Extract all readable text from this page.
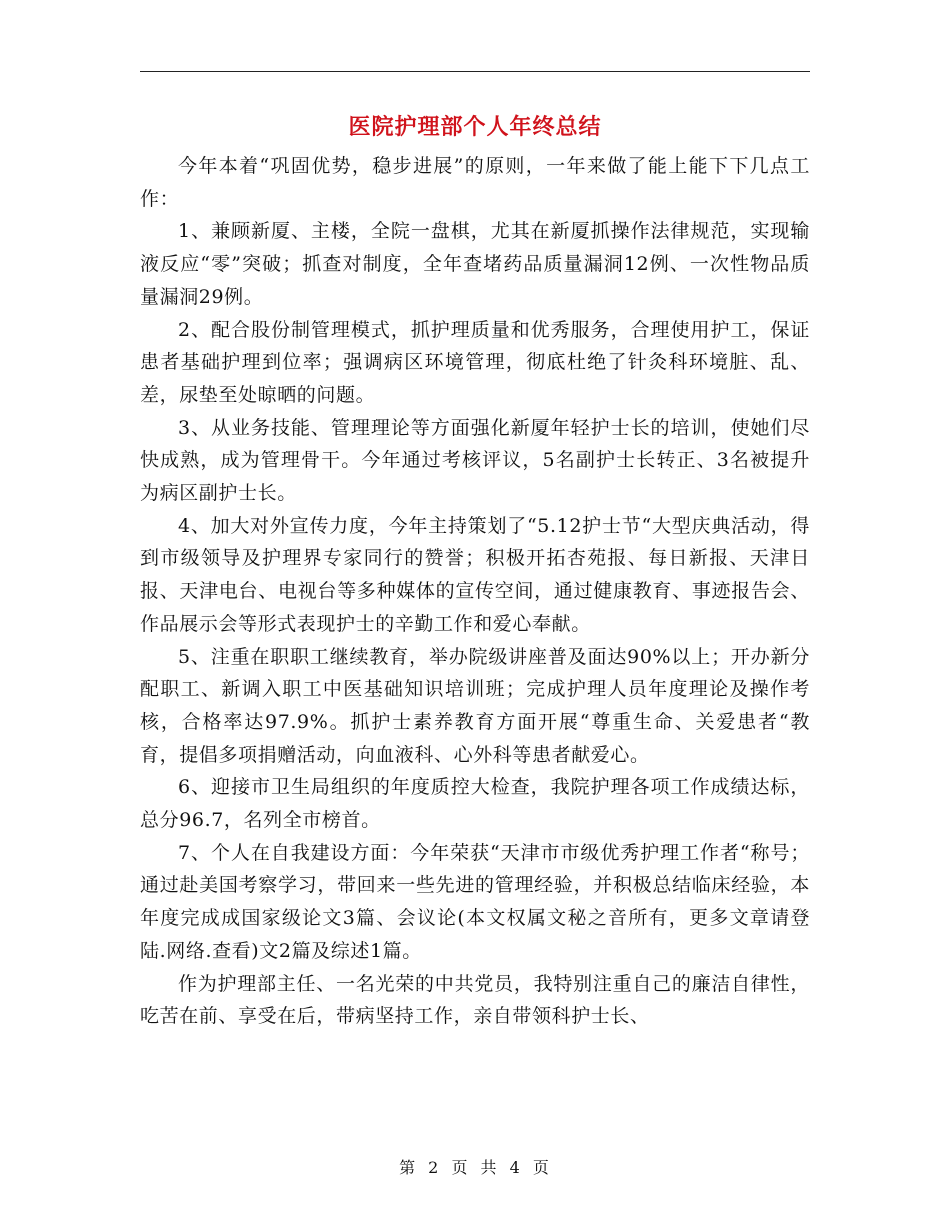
医院护理部个人年终总结

今年本着“巩固优势，稳步进展”的原则，一年来做了能上能下下几点工作：

1、兼顾新厦、主楼，全院一盘棋，尤其在新厦抓操作法律规范，实现输液反应“零”突破；抓查对制度，全年查堵药品质量漏洞12例、一次性物品质量漏洞29例。

2、配合股份制管理模式，抓护理质量和优秀服务，合理使用护工，保证患者基础护理到位率；强调病区环境管理，彻底杜绝了针灸科环境脏、乱、差，尿垫至处晾晒的问题。

3、从业务技能、管理理论等方面强化新厦年轻护士长的培训，使她们尽快成熟，成为管理骨干。今年通过考核评议，5名副护士长转正、3名被提升为病区副护士长。

4、加大对外宣传力度，今年主持策划了“5.12护士节“大型庆典活动，得到市级领导及护理界专家同行的赞誉；积极开拓杏苑报、每日新报、天津日报、天津电台、电视台等多种媒体的宣传空间，通过健康教育、事迹报告会、作品展示会等形式表现护士的辛勤工作和爱心奉献。

5、注重在职职工继续教育，举办院级讲座普及面达90%以上；开办新分配职工、新调入职工中医基础知识培训班；完成护理人员年度理论及操作考核，合格率达97.9%。抓护士素养教育方面开展“尊重生命、关爱患者“教育，提倡多项捐赠活动，向血液科、心外科等患者献爱心。

6、迎接市卫生局组织的年度质控大检查，我院护理各项工作成绩达标，总分96.7，名列全市榜首。

7、个人在自我建设方面：今年荣获“天津市市级优秀护理工作者“称号；通过赴美国考察学习，带回来一些先进的管理经验，并积极总结临床经验，本年度完成成国家级论文3篇、会议论(本文权属文秘之音所有，更多文章请登陆.网络.查看)文2篇及综述1篇。

作为护理部主任、一名光荣的中共党员，我特别注重自己的廉洁自律性，吃苦在前、享受在后，带病坚持工作，亲自带领科护士长、

第 2 页 共 4 页
